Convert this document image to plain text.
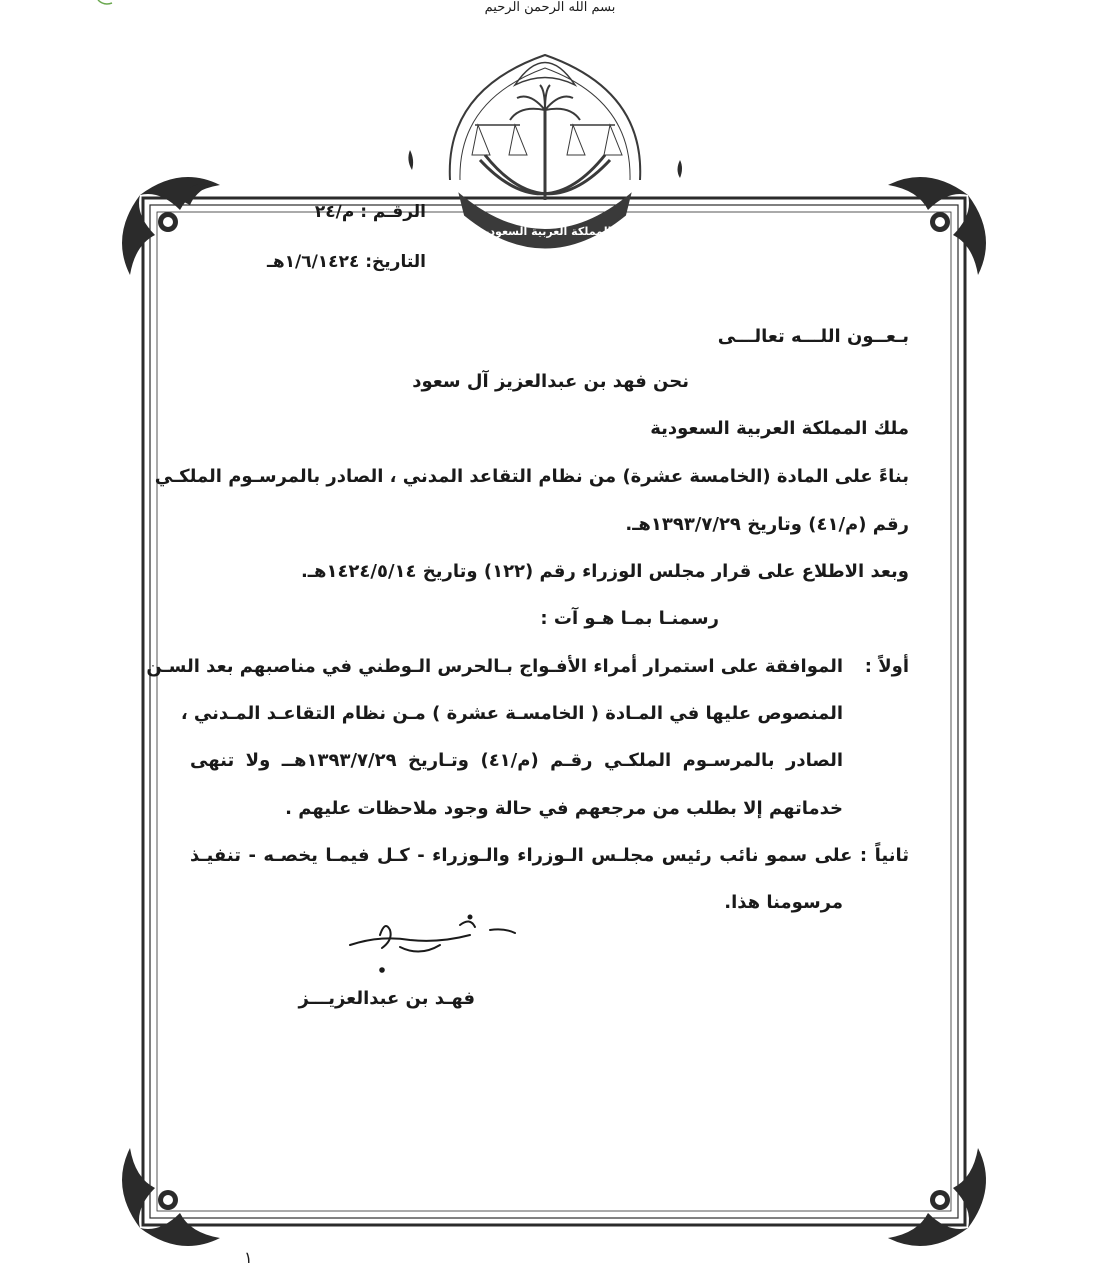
بسم الله الرحمن الرحيم
المملكة العربية السعودية
الرقـم : م/٢٤
التاريخ: ١/٦/١٤٢٤هـ
بـعــون اللـــه تعالـــى
نحن فهد بن عبدالعزيز آل سعود
ملك المملكة العربية السعودية
بناءً على المادة (الخامسة عشرة) من نظام التقاعد المدني ، الصادر بالمرسـوم الملكـي
رقم (م/٤١) وتاريخ ١٣٩٣/٧/٢٩هـ.
وبعد الاطلاع على قرار مجلس الوزراء رقم (١٢٢) وتاريخ ١٤٢٤/٥/١٤هـ.
رسمنـا بمـا هـو آت :
أولاً :
الموافقة على استمرار أمراء الأفـواج بـالحرس الـوطني في مناصبهم بعد السـن
المنصوص عليها في المـادة ( الخامسـة عشرة ) مـن نظام التقاعـد المـدني ،
الصادر بالمرسـوم الملكـي رقـم (م/٤١) وتـاريخ ١٣٩٣/٧/٢٩هــ ولا تنهى
خدماتهم إلا بطلب من مرجعهم في حالة وجود ملاحظات عليهم .
ثانياً : على سمو نائب رئيس مجلـس الـوزراء والـوزراء - كـل فيمـا يخصـه - تنفيـذ
مرسومنا هذا.
فهـد بن عبدالعزيـــز
١
